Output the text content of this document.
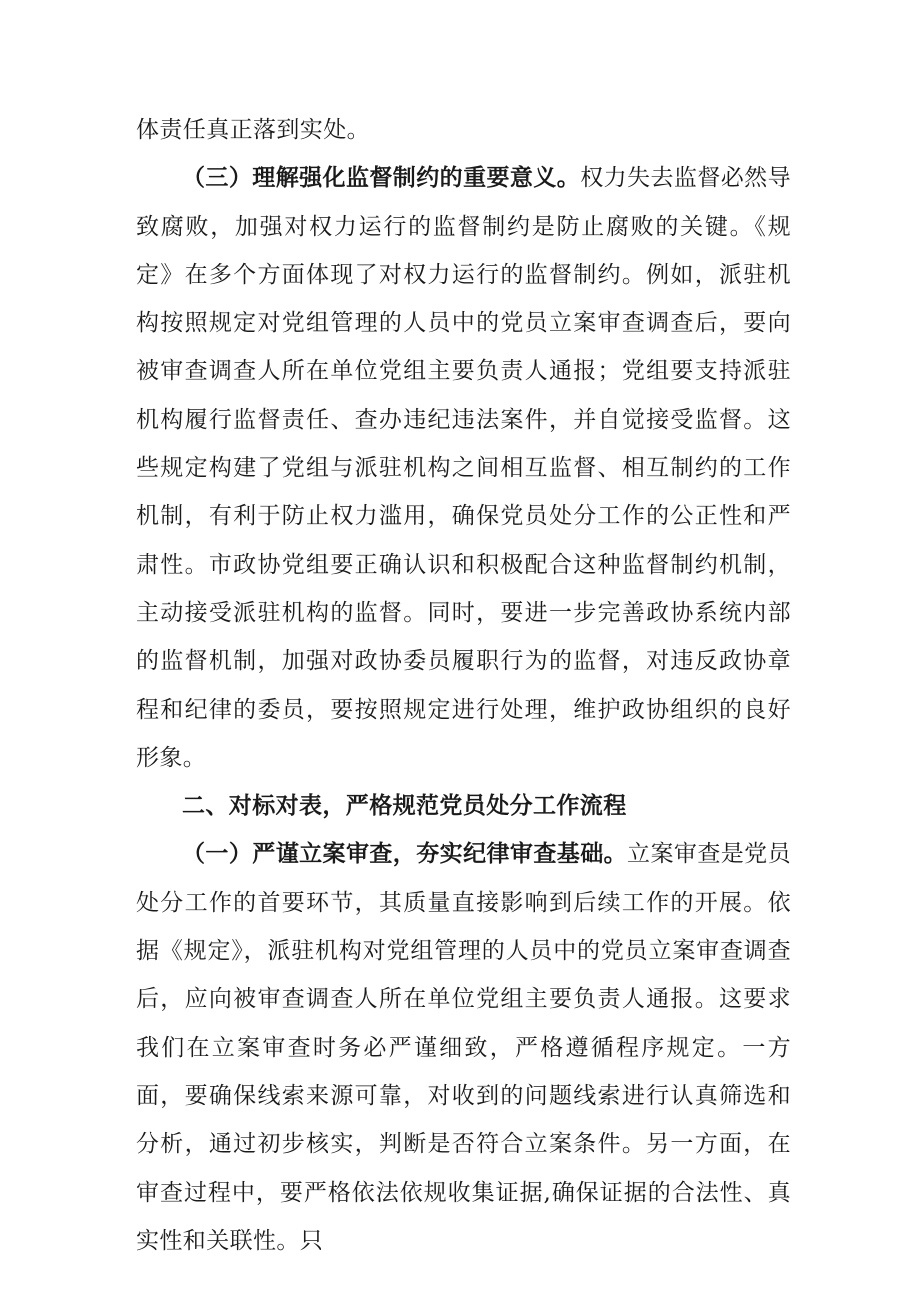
体责任真正落到实处。

（三）理解强化监督制约的重要意义。权力失去监督必然导致腐败，加强对权力运行的监督制约是防止腐败的关键。《规定》在多个方面体现了对权力运行的监督制约。例如，派驻机构按照规定对党组管理的人员中的党员立案审查调查后，要向被审查调查人所在单位党组主要负责人通报；党组要支持派驻机构履行监督责任、查办违纪违法案件，并自觉接受监督。这些规定构建了党组与派驻机构之间相互监督、相互制约的工作机制，有利于防止权力滥用，确保党员处分工作的公正性和严肃性。市政协党组要正确认识和积极配合这种监督制约机制，主动接受派驻机构的监督。同时，要进一步完善政协系统内部的监督机制，加强对政协委员履职行为的监督，对违反政协章程和纪律的委员，要按照规定进行处理，维护政协组织的良好形象。

二、对标对表，严格规范党员处分工作流程

（一）严谨立案审查，夯实纪律审查基础。立案审查是党员处分工作的首要环节，其质量直接影响到后续工作的开展。依据《规定》，派驻机构对党组管理的人员中的党员立案审查调查后，应向被审查调查人所在单位党组主要负责人通报。这要求我们在立案审查时务必严谨细致，严格遵循程序规定。一方面，要确保线索来源可靠，对收到的问题线索进行认真筛选和分析，通过初步核实，判断是否符合立案条件。另一方面，在审查过程中，要严格依法依规收集证据,确保证据的合法性、真实性和关联性。只
